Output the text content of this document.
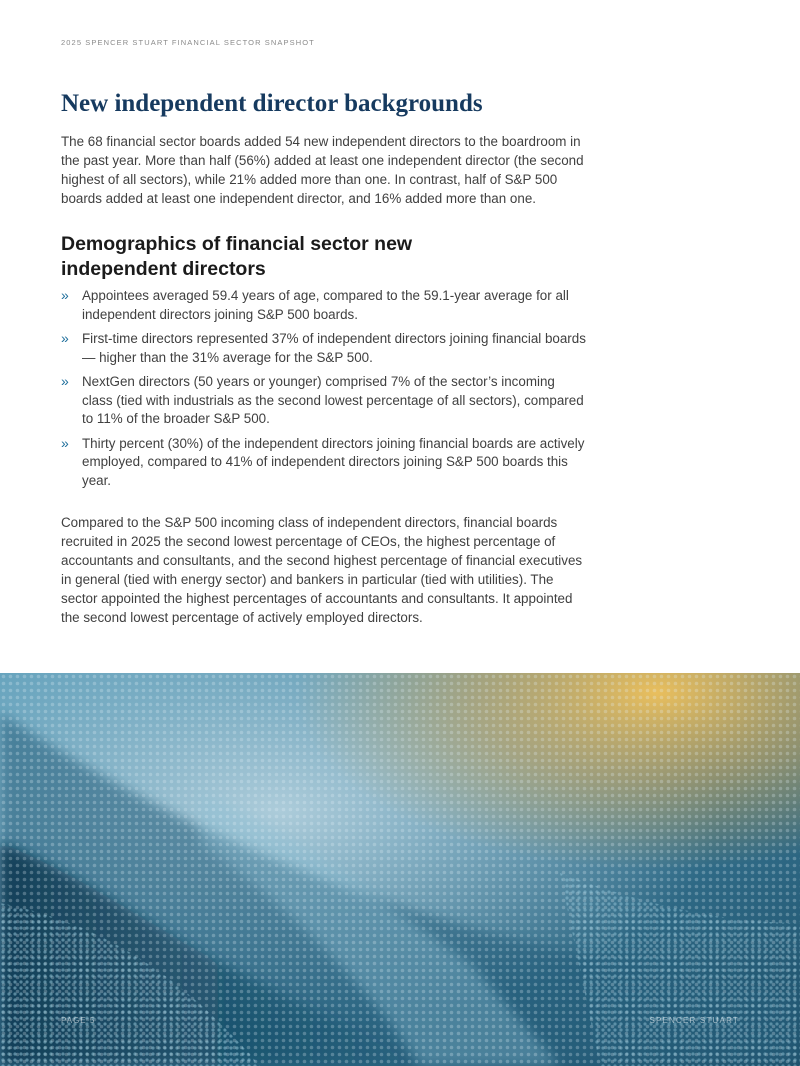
2025 SPENCER STUART FINANCIAL SECTOR SNAPSHOT
New independent director backgrounds

The 68 financial sector boards added 54 new independent directors to the boardroom in the past year. More than half (56%) added at least one independent director (the second highest of all sectors), while 21% added more than one. In contrast, half of S&P 500 boards added at least one independent director, and 16% added more than one.

Demographics of financial sector new independent directors
» Appointees averaged 59.4 years of age, compared to the 59.1-year average for all independent directors joining S&P 500 boards.
» First-time directors represented 37% of independent directors joining financial boards — higher than the 31% average for the S&P 500.
» NextGen directors (50 years or younger) comprised 7% of the sector’s incoming class (tied with industrials as the second lowest percentage of all sectors), compared to 11% of the broader S&P 500.
» Thirty percent (30%) of the independent directors joining financial boards are actively employed, compared to 41% of independent directors joining S&P 500 boards this year.

Compared to the S&P 500 incoming class of independent directors, financial boards recruited in 2025 the second lowest percentage of CEOs, the highest percentage of accountants and consultants, and the second highest percentage of financial executives in general (tied with energy sector) and bankers in particular (tied with utilities). The sector appointed the highest percentages of accountants and consultants. It appointed the second lowest percentage of actively employed directors.

PAGE 5	SPENCER STUART
